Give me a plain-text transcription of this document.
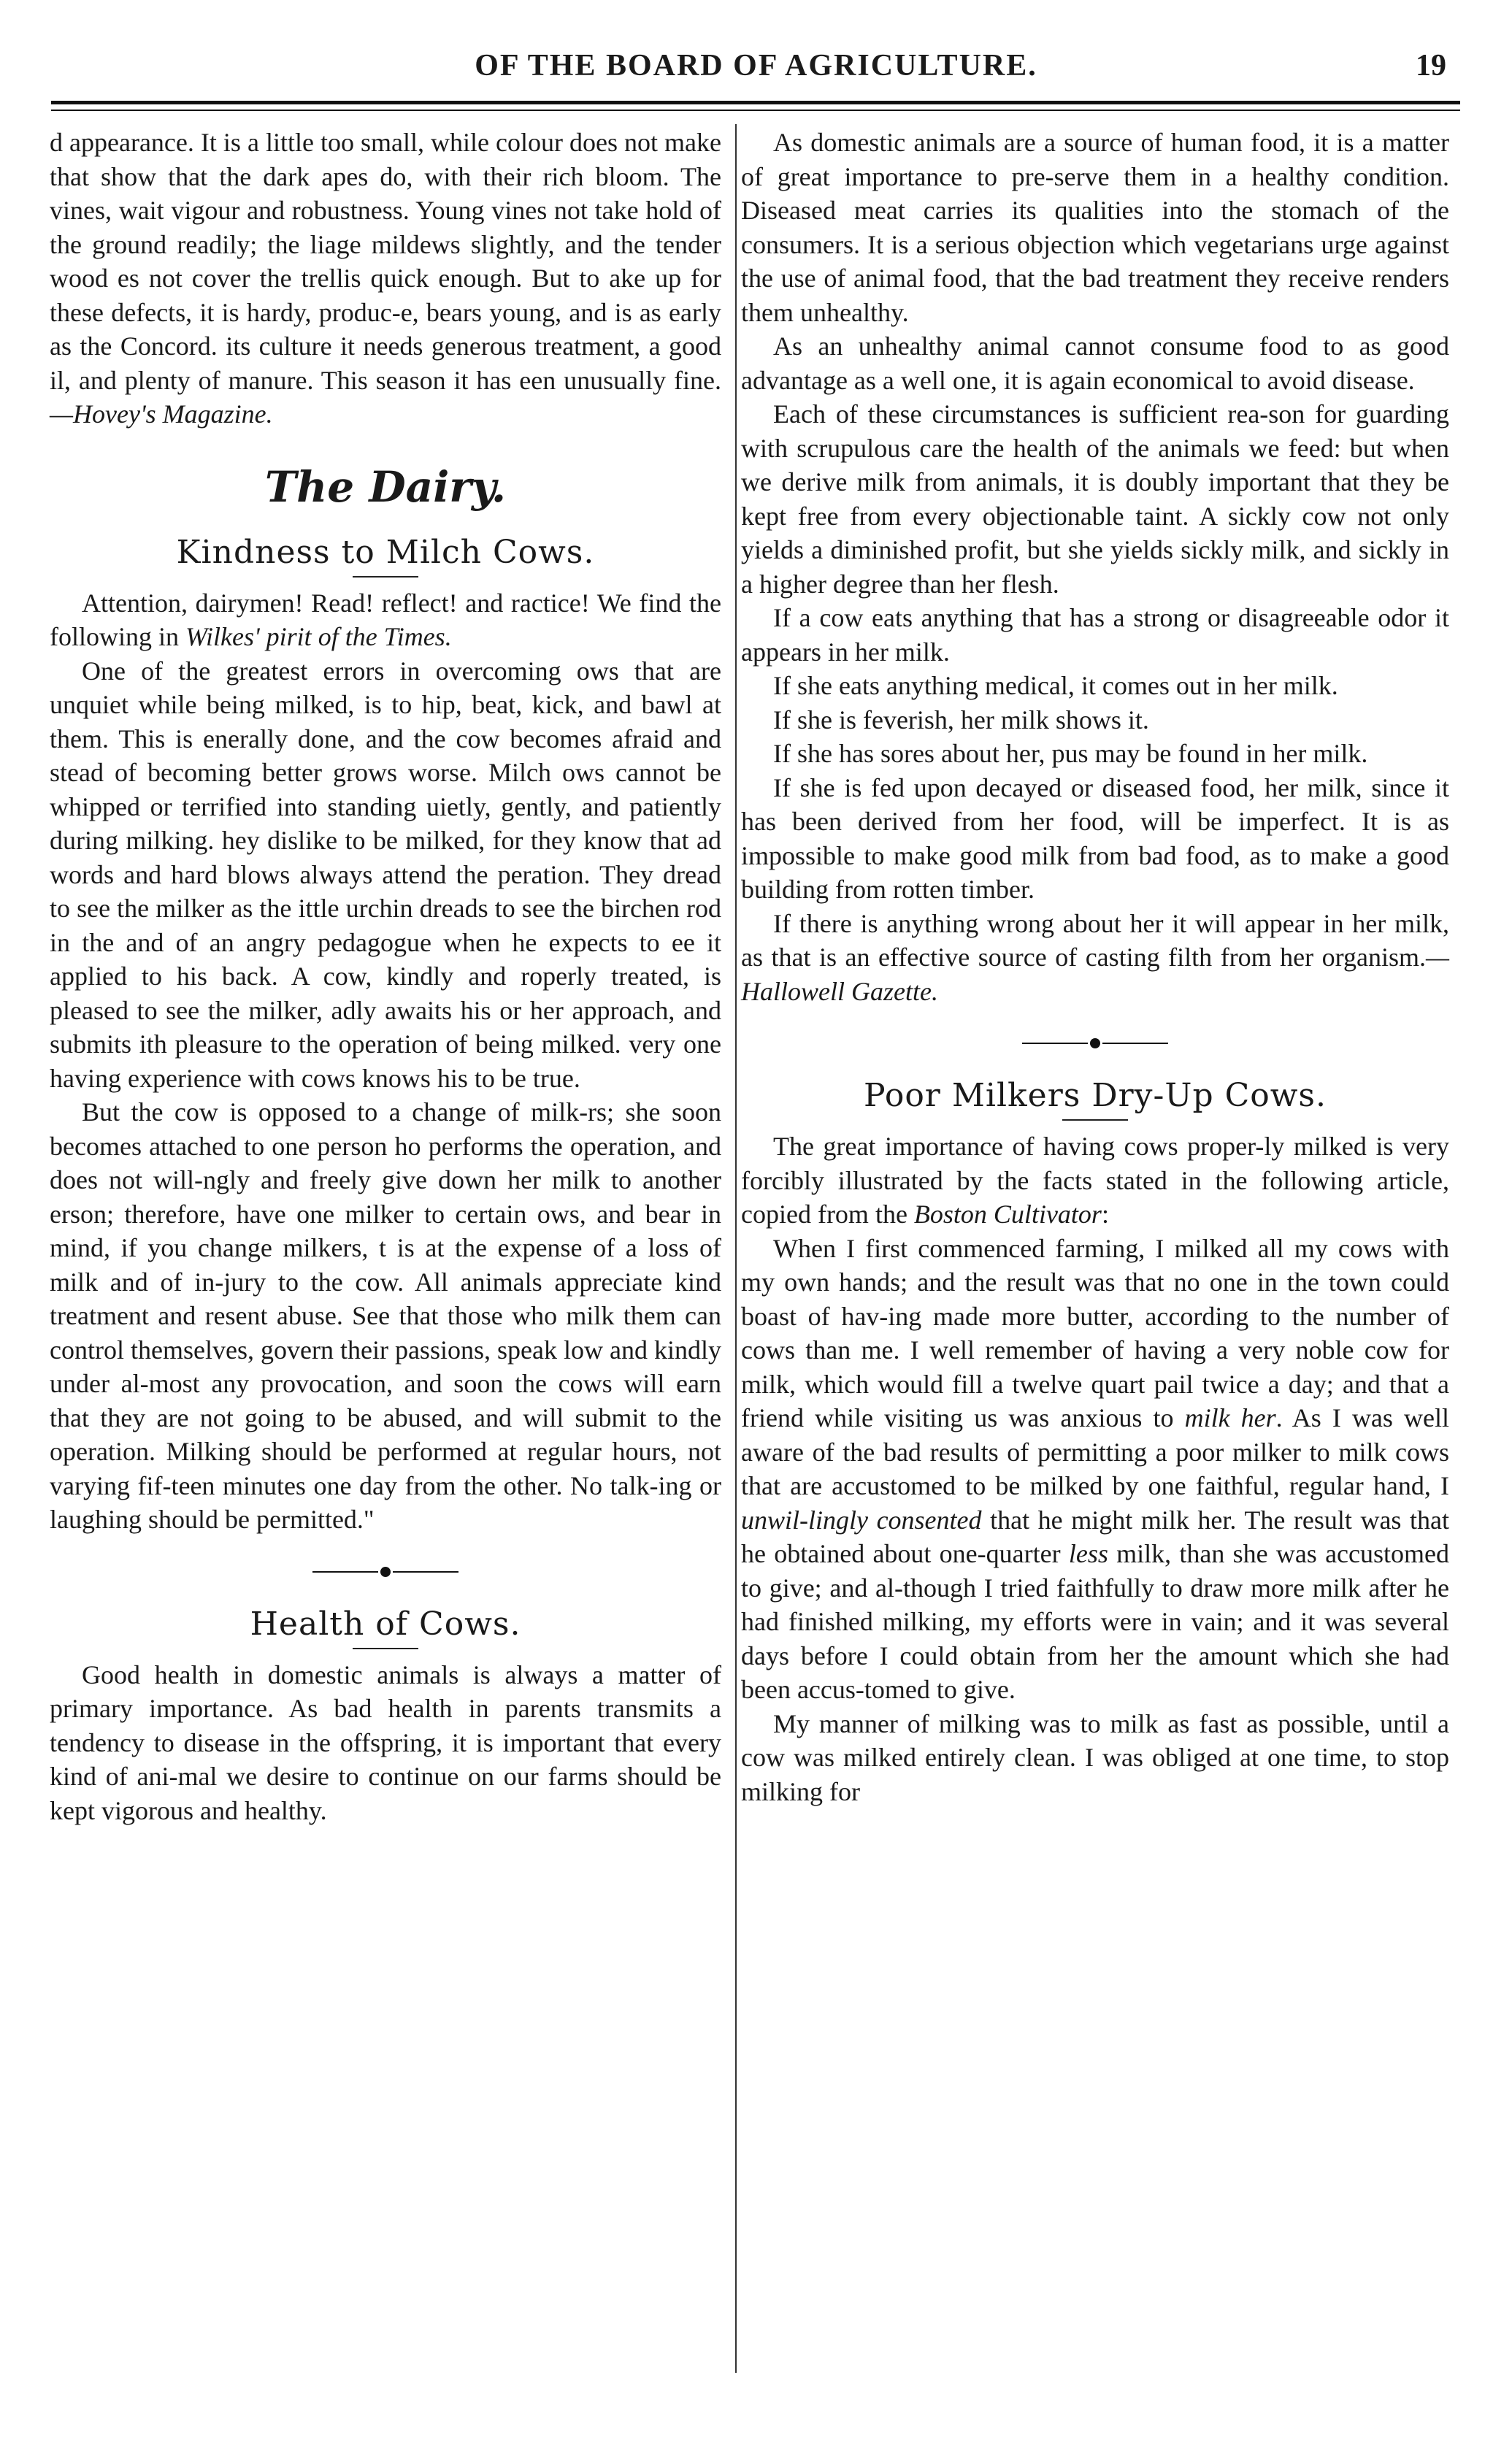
OF THE BOARD OF AGRICULTURE.	19

d appearance. It is a little too small, while colour does not make that show that the dark apes do, with their rich bloom. The vines, wait vigour and robustness. Young vines not take hold of the ground readily; the liage mildews slightly, and the tender wood es not cover the trellis quick enough. But to ake up for these defects, it is hardy, produc-e, bears young, and is as early as the Concord. its culture it needs generous treatment, a good il, and plenty of manure. This season it has een unusually fine.—Hovey's Magazine.

The Dairy.
Kindness to Milch Cows.

Attention, dairymen! Read! reflect! and ractice! We find the following in Wilkes' pirit of the Times.

One of the greatest errors in overcoming ows that are unquiet while being milked, is to hip, beat, kick, and bawl at them. This is enerally done, and the cow becomes afraid and stead of becoming better grows worse. Milch ows cannot be whipped or terrified into standing uietly, gently, and patiently during milking. hey dislike to be milked, for they know that ad words and hard blows always attend the peration. They dread to see the milker as the ittle urchin dreads to see the birchen rod in the and of an angry pedagogue when he expects to ee it applied to his back. A cow, kindly and roperly treated, is pleased to see the milker, adly awaits his or her approach, and submits ith pleasure to the operation of being milked. very one having experience with cows knows his to be true.

But the cow is opposed to a change of milk-rs; she soon becomes attached to one person ho performs the operation, and does not will-ngly and freely give down her milk to another erson; therefore, have one milker to certain ows, and bear in mind, if you change milkers, t is at the expense of a loss of milk and of in-jury to the cow. All animals appreciate kind treatment and resent abuse. See that those who milk them can control themselves, govern their passions, speak low and kindly under al-most any provocation, and soon the cows will earn that they are not going to be abused, and will submit to the operation. Milking should be performed at regular hours, not varying fif-teen minutes one day from the other. No talk-ing or laughing should be permitted."

Health of Cows.

Good health in domestic animals is always a matter of primary importance. As bad health in parents transmits a tendency to disease in the offspring, it is important that every kind of ani-mal we desire to continue on our farms should be kept vigorous and healthy.

As domestic animals are a source of human food, it is a matter of great importance to pre-serve them in a healthy condition. Diseased meat carries its qualities into the stomach of the consumers. It is a serious objection which vegetarians urge against the use of animal food, that the bad treatment they receive renders them unhealthy.

As an unhealthy animal cannot consume food to as good advantage as a well one, it is again economical to avoid disease.

Each of these circumstances is sufficient rea-son for guarding with scrupulous care the health of the animals we feed: but when we derive milk from animals, it is doubly important that they be kept free from every objectionable taint. A sickly cow not only yields a diminished profit, but she yields sickly milk, and sickly in a higher degree than her flesh.

If a cow eats anything that has a strong or disagreeable odor it appears in her milk.

If she eats anything medical, it comes out in her milk.

If she is feverish, her milk shows it.

If she has sores about her, pus may be found in her milk.

If she is fed upon decayed or diseased food, her milk, since it has been derived from her food, will be imperfect. It is as impossible to make good milk from bad food, as to make a good building from rotten timber.

If there is anything wrong about her it will appear in her milk, as that is an effective source of casting filth from her organism.—Hallowell Gazette.

Poor Milkers Dry-Up Cows.

The great importance of having cows proper-ly milked is very forcibly illustrated by the facts stated in the following article, copied from the Boston Cultivator:

When I first commenced farming, I milked all my cows with my own hands; and the result was that no one in the town could boast of hav-ing made more butter, according to the number of cows than me. I well remember of having a very noble cow for milk, which would fill a twelve quart pail twice a day; and that a friend while visiting us was anxious to milk her. As I was well aware of the bad results of permitting a poor milker to milk cows that are accustomed to be milked by one faithful, regular hand, I unwil-lingly consented that he might milk her. The result was that he obtained about one-quarter less milk, than she was accustomed to give; and al-though I tried faithfully to draw more milk after he had finished milking, my efforts were in vain; and it was several days before I could obtain from her the amount which she had been accus-tomed to give.

My manner of milking was to milk as fast as possible, until a cow was milked entirely clean. I was obliged at one time, to stop milking for
